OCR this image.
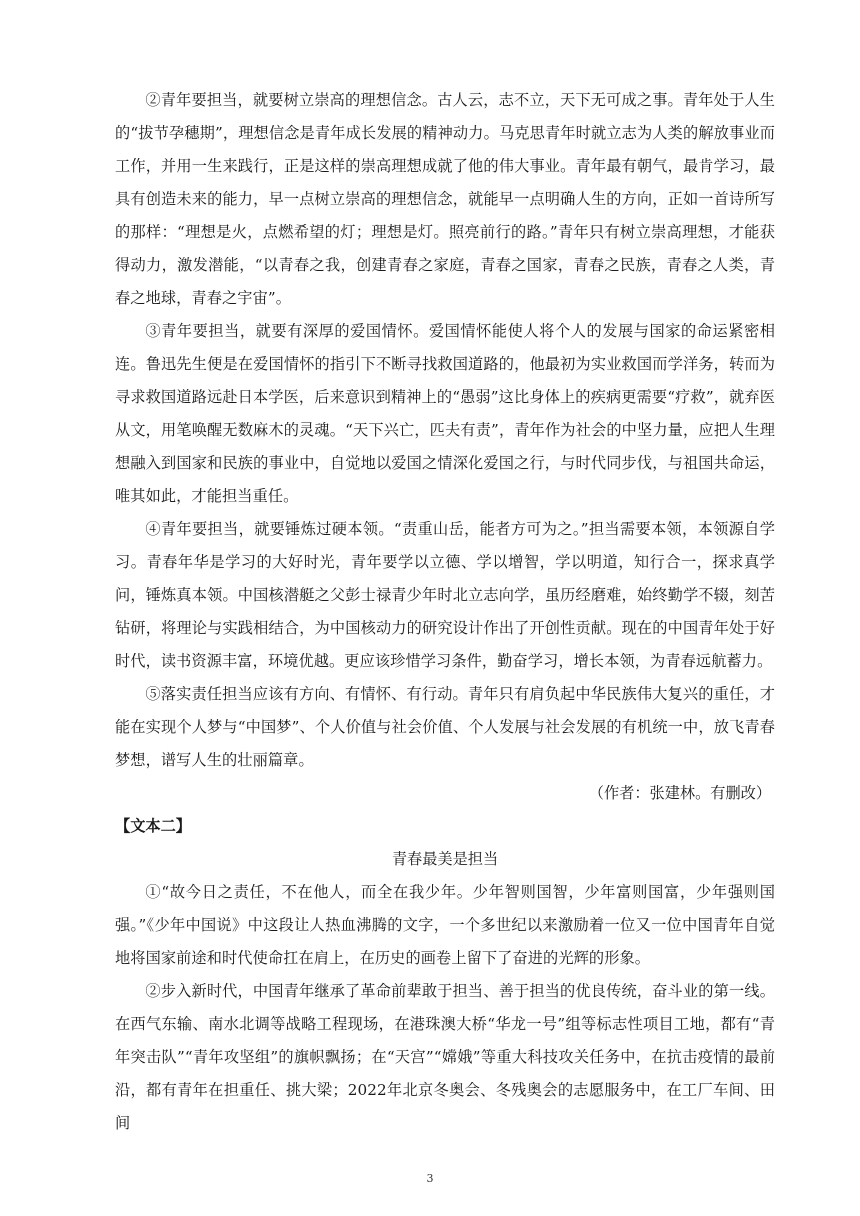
②青年要担当，就要树立崇高的理想信念。古人云，志不立，天下无可成之事。青年处于人生的“拔节孕穗期”，理想信念是青年成长发展的精神动力。马克思青年时就立志为人类的解放事业而工作，并用一生来践行，正是这样的崇高理想成就了他的伟大事业。青年最有朝气，最肯学习，最具有创造未来的能力，早一点树立崇高的理想信念，就能早一点明确人生的方向，正如一首诗所写的那样：“理想是火，点燃希望的灯；理想是灯。照亮前行的路。”青年只有树立崇高理想，才能获得动力，激发潜能，“以青春之我，创建青春之家庭，青春之国家，青春之民族，青春之人类，青春之地球，青春之宇宙”。

③青年要担当，就要有深厚的爱国情怀。爱国情怀能使人将个人的发展与国家的命运紧密相连。鲁迅先生便是在爱国情怀的指引下不断寻找救国道路的，他最初为实业救国而学洋务，转而为寻求救国道路远赴日本学医，后来意识到精神上的“愚弱”这比身体上的疾病更需要“疗救”，就弃医从文，用笔唤醒无数麻木的灵魂。“天下兴亡，匹夫有责”，青年作为社会的中坚力量，应把人生理想融入到国家和民族的事业中，自觉地以爱国之情深化爱国之行，与时代同步伐，与祖国共命运，唯其如此，才能担当重任。

④青年要担当，就要锤炼过硬本领。“责重山岳，能者方可为之。”担当需要本领，本领源自学习。青春年华是学习的大好时光，青年要学以立德、学以增智，学以明道，知行合一，探求真学问，锤炼真本领。中国核潜艇之父彭士禄青少年时北立志向学，虽历经磨难，始终勤学不辍，刻苦钻研，将理论与实践相结合，为中国核动力的研究设计作出了开创性贡献。现在的中国青年处于好时代，读书资源丰富，环境优越。更应该珍惜学习条件，勤奋学习，增长本领，为青春远航蓄力。

⑤落实责任担当应该有方向、有情怀、有行动。青年只有肩负起中华民族伟大复兴的重任，才能在实现个人梦与“中国梦”、个人价值与社会价值、个人发展与社会发展的有机统一中，放飞青春梦想，谱写人生的壮丽篇章。

（作者：张建林。有删改）

【文本二】

青春最美是担当

①“故今日之责任，不在他人，而全在我少年。少年智则国智，少年富则国富，少年强则国强。”《少年中国说》中这段让人热血沸腾的文字，一个多世纪以来激励着一位又一位中国青年自觉地将国家前途和时代使命扛在肩上，在历史的画卷上留下了奋进的光辉的形象。

②步入新时代，中国青年继承了革命前辈敢于担当、善于担当的优良传统，奋斗业的第一线。在西气东输、南水北调等战略工程现场，在港珠澳大桥“华龙一号”组等标志性项目工地，都有“青年突击队”“青年攻坚组”的旗帜飘扬；在“天宫”“嫦娥”等重大科技攻关任务中，在抗击疫情的最前沿，都有青年在担重任、挑大梁；2022年北京冬奥会、冬残奥会的志愿服务中，在工厂车间、田间

3
